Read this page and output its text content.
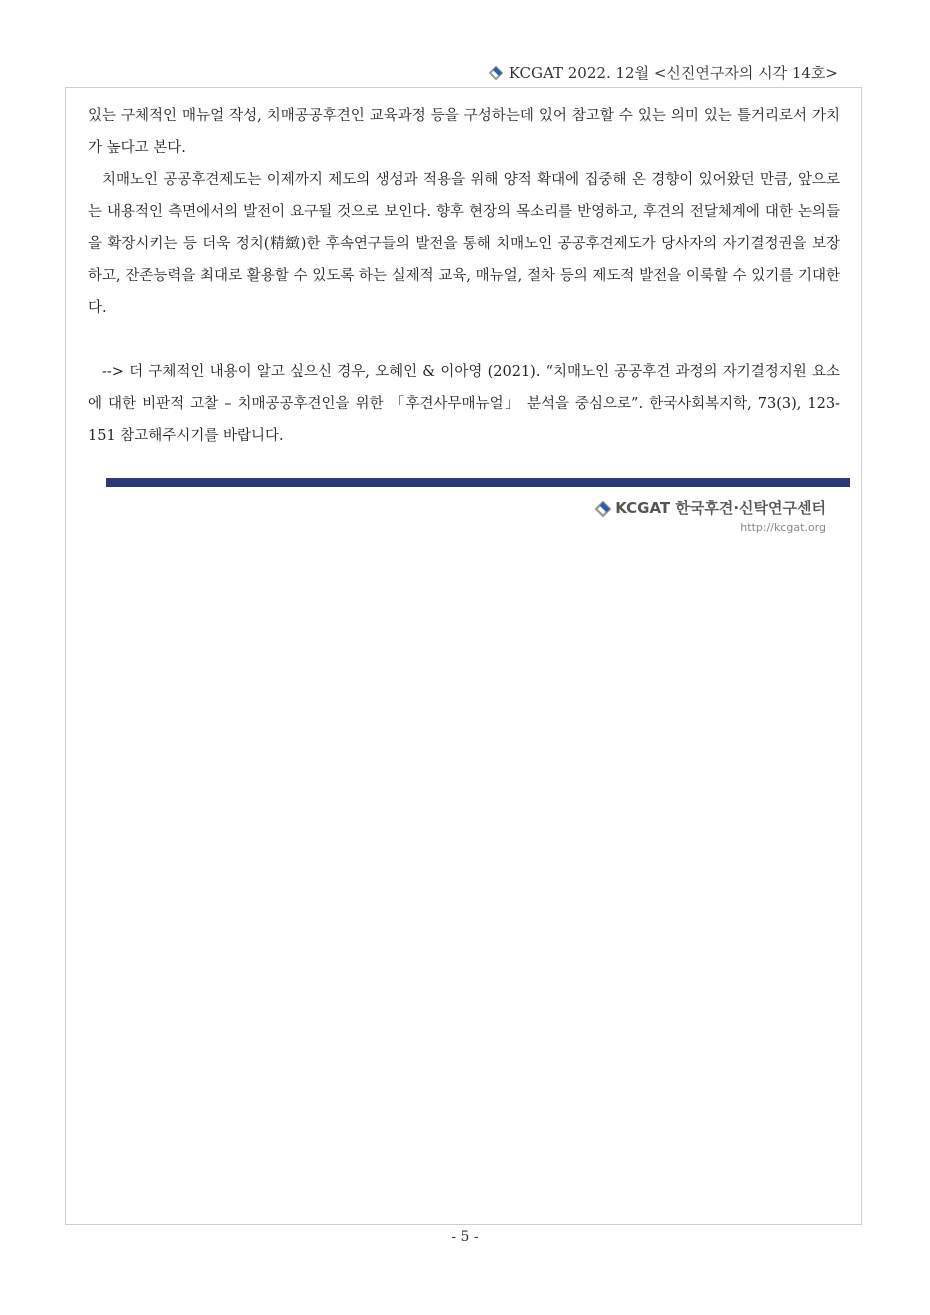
KCGAT 2022. 12월 <신진연구자의 시각 14호>

있는 구체적인 매뉴얼 작성, 치매공공후견인 교육과정 등을 구성하는데 있어 참고할 수 있는 의미 있는 틀거리로서 가치가 높다고 본다.

치매노인 공공후견제도는 이제까지 제도의 생성과 적용을 위해 양적 확대에 집중해 온 경향이 있어왔던 만큼, 앞으로는 내용적인 측면에서의 발전이 요구될 것으로 보인다. 향후 현장의 목소리를 반영하고, 후견의 전달체계에 대한 논의들을 확장시키는 등 더욱 정치(精緻)한 후속연구들의 발전을 통해 치매노인 공공후견제도가 당사자의 자기결정권을 보장하고, 잔존능력을 최대로 활용할 수 있도록 하는 실제적 교육, 매뉴얼, 절차 등의 제도적 발전을 이룩할 수 있기를 기대한다.

--> 더 구체적인 내용이 알고 싶으신 경우, 오혜인 & 이아영 (2021). “치매노인 공공후견 과정의 자기결정지원 요소에 대한 비판적 고찰 – 치매공공후견인을 위한 「후견사무매뉴얼」 분석을 중심으로”. 한국사회복지학, 73(3), 123-151 참고해주시기를 바랍니다.

KCGAT 한국후견·신탁연구센터
http://kcgat.org
- 5 -
